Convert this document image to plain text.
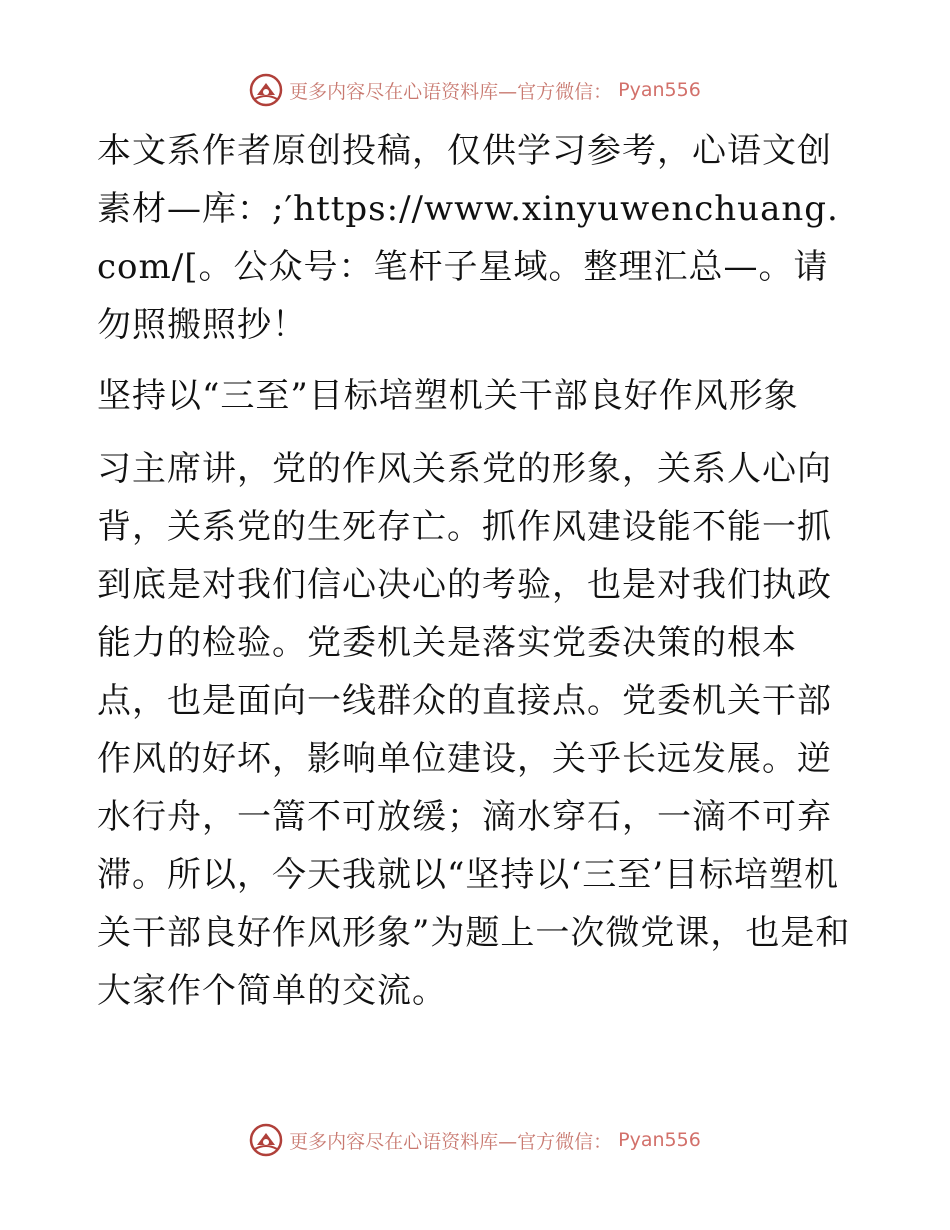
更多内容尽在心语资料库—官方微信： Pyan556

本文系作者原创投稿，仅供学习参考，心语文创素材—库：;′https://www.xinyuwenchuang.com/[。公众号：笔杆子星域。整理汇总—。请勿照搬照抄！

坚持以“三至”目标培塑机关干部良好作风形象

习主席讲，党的作风关系党的形象，关系人心向背，关系党的生死存亡。抓作风建设能不能一抓到底是对我们信心决心的考验，也是对我们执政能力的检验。党委机关是落实党委决策的根本点，也是面向一线群众的直接点。党委机关干部作风的好坏，影响单位建设，关乎长远发展。逆水行舟，一篙不可放缓；滴水穿石，一滴不可弃滞。所以，今天我就以“坚持以‘三至’目标培塑机关干部良好作风形象”为题上一次微党课，也是和大家作个简单的交流。

更多内容尽在心语资料库—官方微信： Pyan556
